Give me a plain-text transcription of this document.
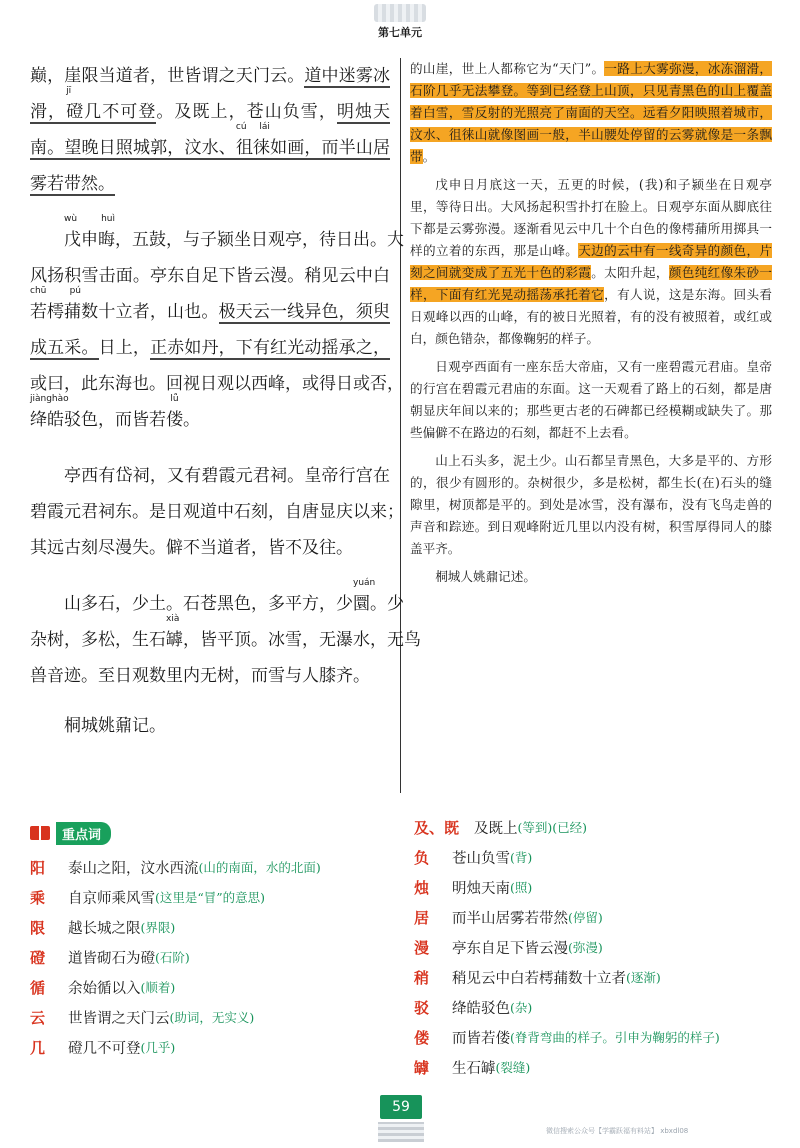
第七单元
巅，崖限当道者，世皆谓之天门云。道中迷雾冰
滑，
jī
磴几不可登。及既上，苍山负雪，明烛天
南。望晚日照城郭，汶水、
cú lái
徂徕如画，而半山居
雾若带然。
wù huì
戊申晦，五鼓，与子颍坐日观亭，待日出。大
风扬积雪击面。亭东自足下皆云漫。稍见云中白
chū pú
若樗蒱数十立者，山也。极天云一线异色，须臾
成五采。日上，正赤如丹，下有红光动摇承之，
或曰，此东海也。回视日观以西峰，或得日或否，
jiànghào
绛皓驳色，而皆若
lǚ
偻。
亭西有岱祠，又有碧霞元君祠。皇帝行宫在
碧霞元君祠东。是日观道中石刻，自唐显庆以来；
其远古刻尽漫失。僻不当道者，皆不及往。
山多石，少土。石苍黑色，多平方，少
yuán
圜。少
杂树，多松，生石
xià
罅，皆平顶。冰雪，无瀑水，无鸟
兽音迹。至日观数里内无树，而雪与人膝齐。
桐城姚鼐记。

的山崖，世上人都称它为“天门”。一路上大雾弥漫，冰冻溜滑，石阶几乎无法攀登。等到已经登上山顶，只见青黑色的山上覆盖着白雪，雪反射的光照亮了南面的天空。远看夕阳映照着城市，汶水、徂徕山就像图画一般，半山腰处停留的云雾就像是一条飘带。

戊申日月底这一天，五更的时候，(我)和子颍坐在日观亭里，等待日出。大风扬起积雪扑打在脸上。日观亭东面从脚底往下都是云雾弥漫。逐渐看见云中几十个白色的像樗蒱所用掷具一样的立着的东西，那是山峰。天边的云中有一线奇异的颜色，片刻之间就变成了五光十色的彩霞。太阳升起，颜色纯红像朱砂一样，下面有红光晃动摇荡承托着它，有人说，这是东海。回头看日观峰以西的山峰，有的被日光照着，有的没有被照着，或红或白，颜色错杂，都像鞠躬的样子。

日观亭西面有一座东岳大帝庙，又有一座碧霞元君庙。皇帝的行宫在碧霞元君庙的东面。这一天观看了路上的石刻，都是唐朝显庆年间以来的；那些更古老的石碑都已经模糊或缺失了。那些偏僻不在路边的石刻，都赶不上去看。

山上石头多，泥土少。山石都呈青黑色，大多是平的、方形的，很少有圆形的。杂树很少，多是松树，都生长(在)石头的缝隙里，树顶都是平的。到处是冰雪，没有瀑布，没有飞鸟走兽的声音和踪迹。到日观峰附近几里以内没有树，积雪厚得同人的膝盖平齐。

桐城人姚鼐记述。

重点词
阳	泰山之阳，汶水西流 (山的南面，水的北面)
乘	自京师乘风雪 (这里是“冒”的意思)
限	越长城之限 (界限)
磴	道皆砌石为磴 (石阶)
循	余始循以入 (顺着)
云	世皆谓之天门云 (助词，无实义)
几	磴几不可登 (几乎)
及、既	及既上 (等到)(已经)
负	苍山负雪 (背)
烛	明烛天南 (照)
居	而半山居雾若带然 (停留)
漫	亭东自足下皆云漫 (弥漫)
稍	稍见云中白若樗蒱数十立者 (逐渐)
驳	绛皓驳色 (杂)
偻	而皆若偻 (脊背弯曲的样子。引申为鞠躬的样子)
罅	生石罅 (裂缝)
59
微信搜索公众号【学霸跃福有料站】 xbxdl08
